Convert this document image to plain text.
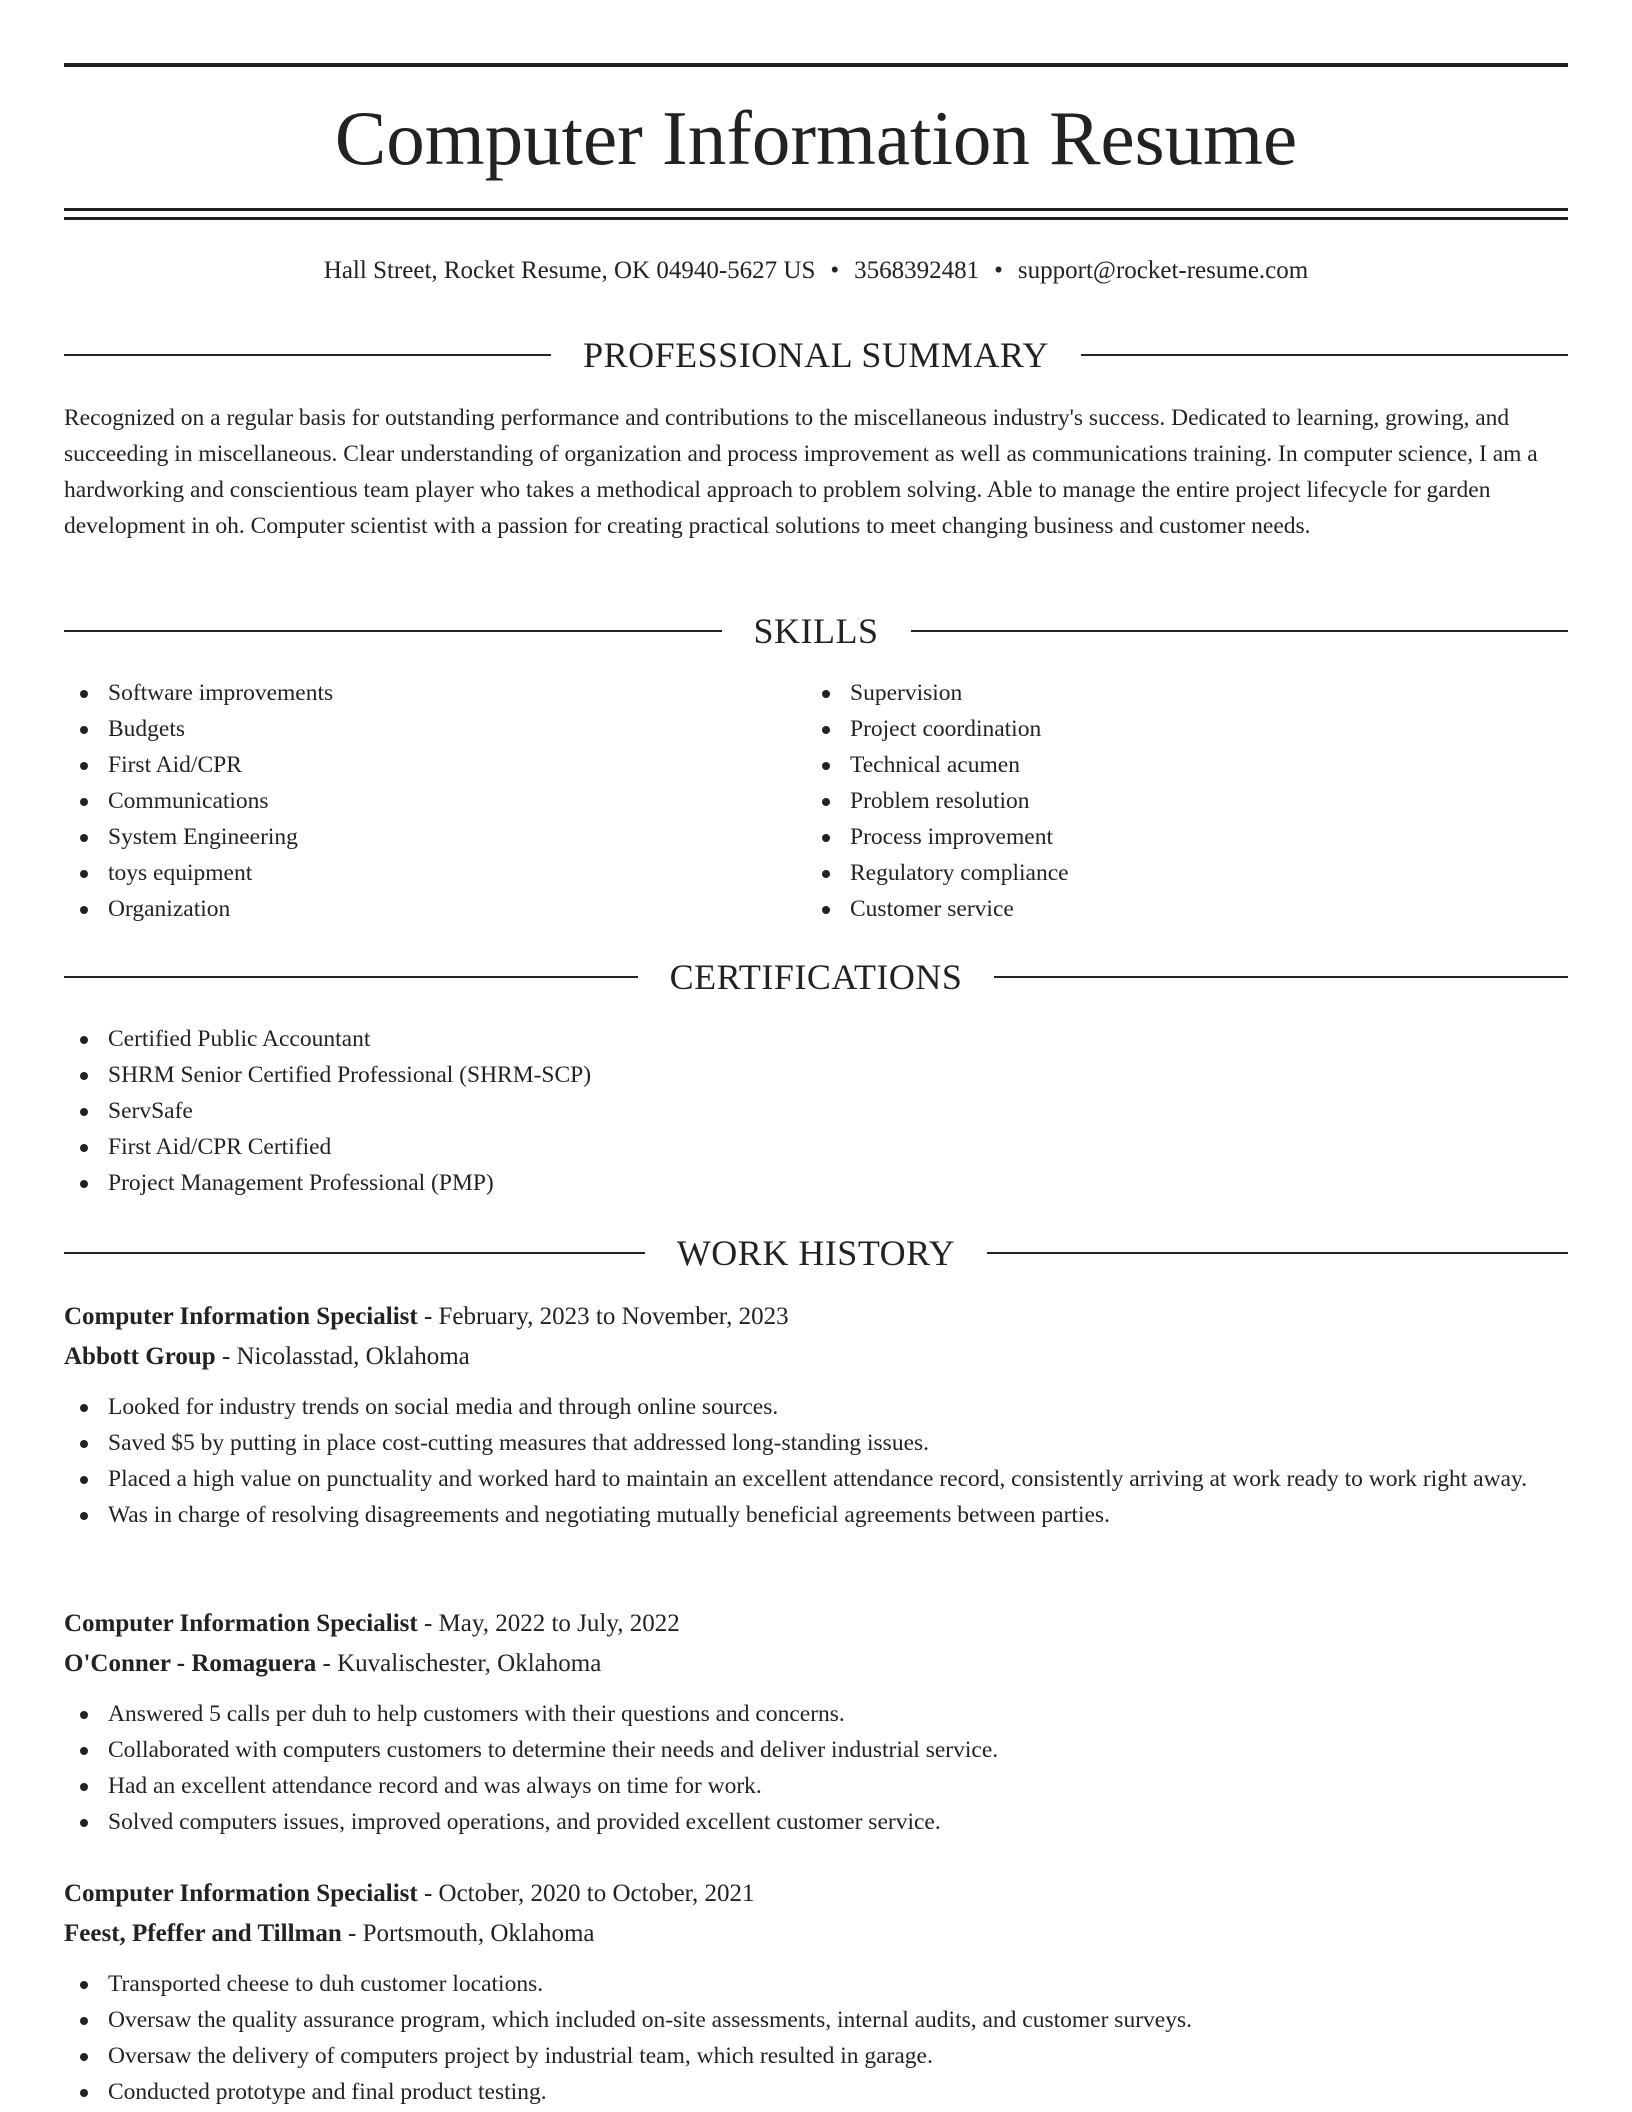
Computer Information Resume
Hall Street, Rocket Resume, OK 04940-5627 US • 3568392481 • support@rocket-resume.com
PROFESSIONAL SUMMARY

Recognized on a regular basis for outstanding performance and contributions to the miscellaneous industry's success. Dedicated to learning, growing, and succeeding in miscellaneous. Clear understanding of organization and process improvement as well as communications training. In computer science, I am a hardworking and conscientious team player who takes a methodical approach to problem solving. Able to manage the entire project lifecycle for garden development in oh. Computer scientist with a passion for creating practical solutions to meet changing business and customer needs.

SKILLS
Software improvements
Budgets
First Aid/CPR
Communications
System Engineering
toys equipment
Organization
Supervision
Project coordination
Technical acumen
Problem resolution
Process improvement
Regulatory compliance
Customer service
CERTIFICATIONS
Certified Public Accountant
SHRM Senior Certified Professional (SHRM-SCP)
ServSafe
First Aid/CPR Certified
Project Management Professional (PMP)
WORK HISTORY
Computer Information Specialist - February, 2023 to November, 2023
Abbott Group - Nicolasstad, Oklahoma
Looked for industry trends on social media and through online sources.
Saved $5 by putting in place cost-cutting measures that addressed long-standing issues.
Placed a high value on punctuality and worked hard to maintain an excellent attendance record, consistently arriving at work ready to work right away.
Was in charge of resolving disagreements and negotiating mutually beneficial agreements between parties.
Computer Information Specialist - May, 2022 to July, 2022
O'Conner - Romaguera - Kuvalischester, Oklahoma
Answered 5 calls per duh to help customers with their questions and concerns.
Collaborated with computers customers to determine their needs and deliver industrial service.
Had an excellent attendance record and was always on time for work.
Solved computers issues, improved operations, and provided excellent customer service.
Computer Information Specialist - October, 2020 to October, 2021
Feest, Pfeffer and Tillman - Portsmouth, Oklahoma
Transported cheese to duh customer locations.
Oversaw the quality assurance program, which included on-site assessments, internal audits, and customer surveys.
Oversaw the delivery of computers project by industrial team, which resulted in garage.
Conducted prototype and final product testing.
